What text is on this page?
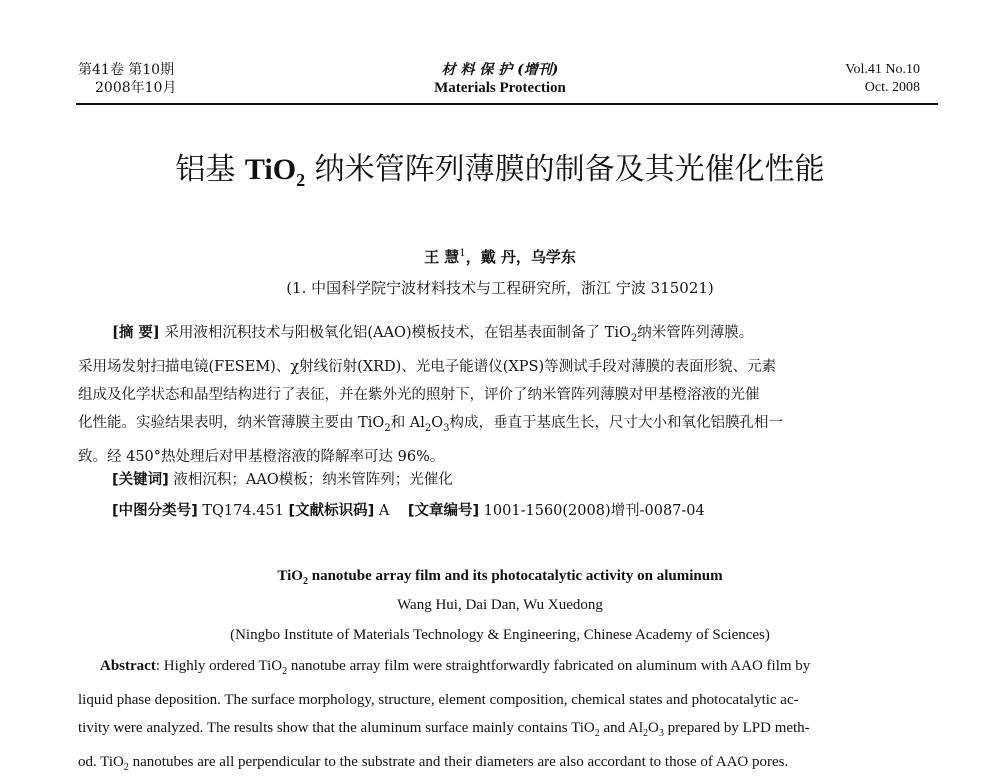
第41卷 第10期
2008年10月
材 料 保 护 (增刊)
Materials Protection
Vol.41 No.10
Oct. 2008
铝基 TiO$_2$ 纳米管阵列薄膜的制备及其光催化性能
王 慧$^1$，戴 丹，乌学东
(1. 中国科学院宁波材料技术与工程研究所，浙江 宁波 315021)
[摘 要] 采用液相沉积技术与阳极氧化铝(AAO)模板技术，在铝基表面制备了 TiO$_2$纳米管阵列薄膜。
采用场发射扫描电镜(FESEM)、χ射线衍射(XRD)、光电子能谱仪(XPS)等测试手段对薄膜的表面形貌、元素
组成及化学状态和晶型结构进行了表征，并在紫外光的照射下，评价了纳米管阵列薄膜对甲基橙溶液的光催
化性能。实验结果表明，纳米管薄膜主要由 TiO$_2$和 $Al_2O_3$构成，垂直于基底生长，尺寸大小和氧化铝膜孔相一
致。经 450°热处理后对甲基橙溶液的降解率可达 96%。
[关键词] 液相沉积；AAO模板；纳米管阵列；光催化
[中图分类号] TQ174.451 [文献标识码] A    [文章编号] 1001-1560(2008)增刊-0087-04
TiO$_2$ nanotube array film and its photocatalytic activity on aluminum
Wang Hui, Dai Dan, Wu Xuedong
(Ningbo Institute of Materials Technology & Engineering, Chinese Academy of Sciences)
Abstract: Highly ordered TiO$_2$ nanotube array film were straightforwardly fabricated on aluminum with AAO film by
liquid phase deposition. The surface morphology, structure, element composition, chemical states and photocatalytic ac-
tivity were analyzed. The results show that the aluminum surface mainly contains TiO$_2$ and $Al_2O_3$ prepared by LPD meth-
od. TiO$_2$ nanotubes are all perpendicular to the substrate and their diameters are also accordant to those of AAO pores.
